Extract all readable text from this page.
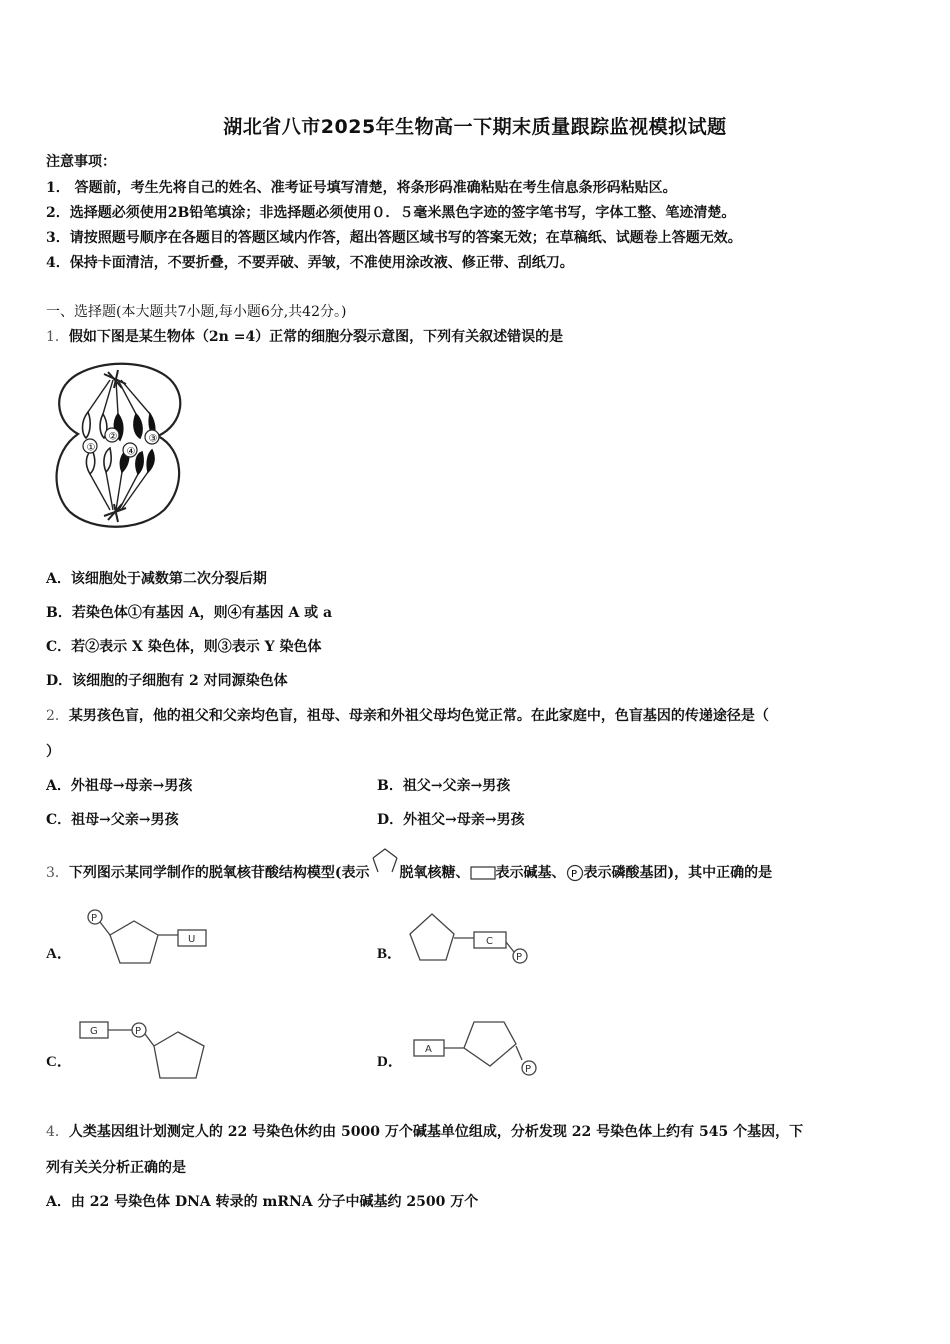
湖北省八市2025年生物高一下期末质量跟踪监视模拟试题
注意事项：
1． 答题前，考生先将自己的姓名、准考证号填写清楚，将条形码准确粘贴在考生信息条形码粘贴区。
2．选择题必须使用2B铅笔填涂；非选择题必须使用０．５毫米黑色字迹的签字笔书写，字体工整、笔迹清楚。
3．请按照题号顺序在各题目的答题区域内作答，超出答题区域书写的答案无效；在草稿纸、试题卷上答题无效。
4．保持卡面清洁，不要折叠，不要弄破、弄皱，不准使用涂改液、修正带、刮纸刀。
一、选择题(本大题共7小题,每小题6分,共42分。)
1．假如下图是某生物体（2n =4）正常的细胞分裂示意图，下列有关叙述错误的是
①
②	③
④
A．该细胞处于减数第二次分裂后期
B．若染色体①有基因 A，则④有基因 A 或 a
C．若②表示 X 染色体，则③表示 Y 染色体
D．该细胞的子细胞有 2 对同源染色体
2．某男孩色盲，他的祖父和父亲均色盲，祖母、母亲和外祖父母均色觉正常。在此家庭中，色盲基因的传递途径是（
）
A．外祖母→母亲→男孩	B．祖父→父亲→男孩
C．祖母→父亲→男孩	D．外祖父→母亲→男孩
3．下列图示某同学制作的脱氧核苷酸结构模型(表示 脱氧核糖、 表示碱基、 P 表示磷酸基团)，其中正确的是
A．
P
U
B．
C
P
C．
G	P
D．
A
P
4．人类基因组计划测定人的 22 号染色休约由 5000 万个碱基单位组成，分析发现 22 号染色体上约有 545 个基因，下
列有关关分析正确的是
A．由 22 号染色体 DNA 转录的 mRNA 分子中碱基约 2500 万个
